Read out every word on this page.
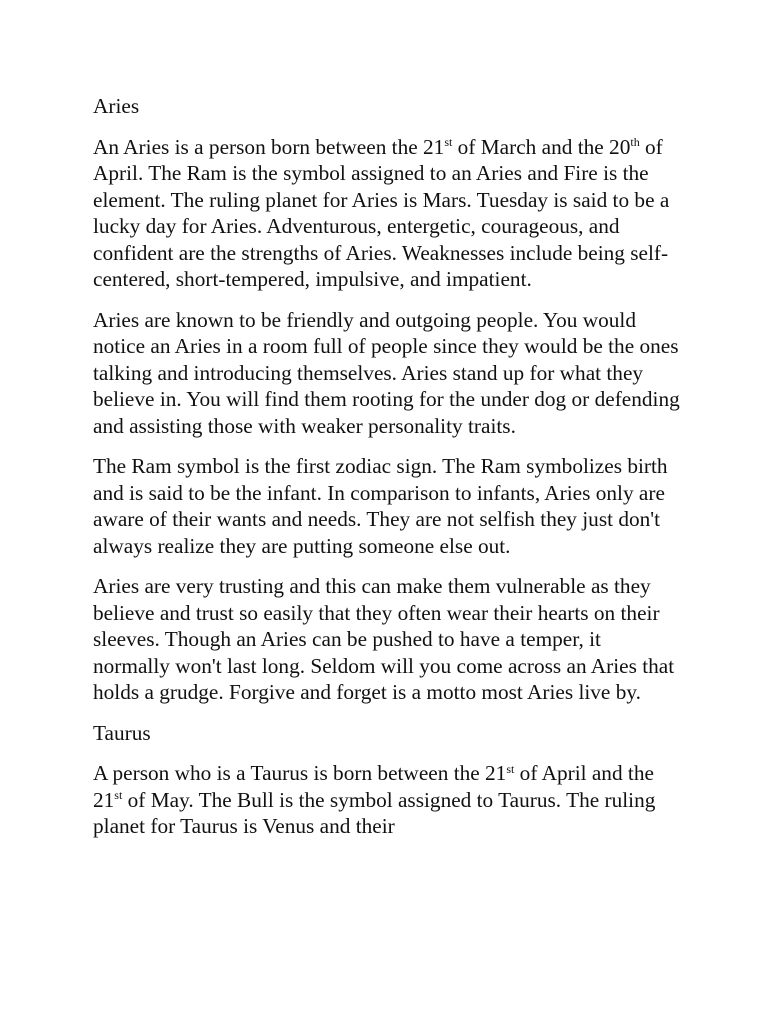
Aries

An Aries is a person born between the 21st of March and the 20th of April. The Ram is the symbol assigned to an Aries and Fire is the element. The ruling planet for Aries is Mars. Tuesday is said to be a lucky day for Aries. Adventurous, entergetic, courageous, and confident are the strengths of Aries. Weaknesses include being self-centered, short-tempered, impulsive, and impatient.

Aries are known to be friendly and outgoing people. You would notice an Aries in a room full of people since they would be the ones talking and introducing themselves. Aries stand up for what they believe in. You will find them rooting for the under dog or defending and assisting those with weaker personality traits.

The Ram symbol is the first zodiac sign. The Ram symbolizes birth and is said to be the infant. In comparison to infants, Aries only are aware of their wants and needs. They are not selfish they just don't always realize they are putting someone else out.

Aries are very trusting and this can make them vulnerable as they believe and trust so easily that they often wear their hearts on their sleeves. Though an Aries can be pushed to have a temper, it normally won't last long. Seldom will you come across an Aries that holds a grudge. Forgive and forget is a motto most Aries live by.

Taurus

A person who is a Taurus is born between the 21st of April and the 21st of May. The Bull is the symbol assigned to Taurus. The ruling planet for Taurus is Venus and their
